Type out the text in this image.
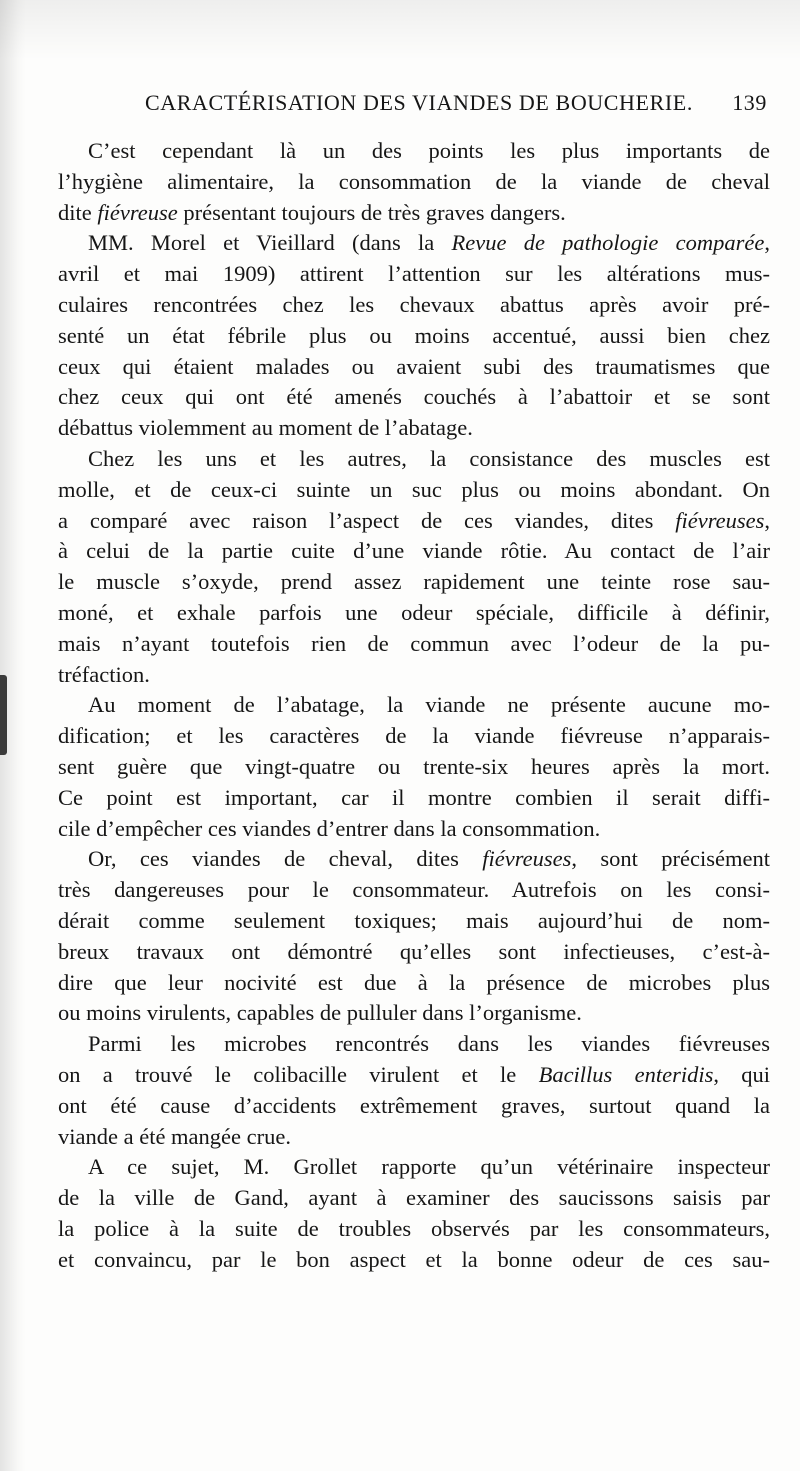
CARACTÉRISATION DES VIANDES DE BOUCHERIE. 139
C’est cependant là un des points les plus importants de
l’hygiène alimentaire, la consommation de la viande de cheval
dite fiévreuse présentant toujours de très graves dangers.
MM. Morel et Vieillard (dans la Revue de pathologie comparée,
avril et mai 1909) attirent l’attention sur les altérations mus-
culaires rencontrées chez les chevaux abattus après avoir pré-
senté un état fébrile plus ou moins accentué, aussi bien chez
ceux qui étaient malades ou avaient subi des traumatismes que
chez ceux qui ont été amenés couchés à l’abattoir et se sont
débattus violemment au moment de l’abatage.
Chez les uns et les autres, la consistance des muscles est
molle, et de ceux-ci suinte un suc plus ou moins abondant. On
a comparé avec raison l’aspect de ces viandes, dites fiévreuses,
à celui de la partie cuite d’une viande rôtie. Au contact de l’air
le muscle s’oxyde, prend assez rapidement une teinte rose sau-
moné, et exhale parfois une odeur spéciale, difficile à définir,
mais n’ayant toutefois rien de commun avec l’odeur de la pu-
tréfaction.
Au moment de l’abatage, la viande ne présente aucune mo-
dification; et les caractères de la viande fiévreuse n’apparais-
sent guère que vingt-quatre ou trente-six heures après la mort.
Ce point est important, car il montre combien il serait diffi-
cile d’empêcher ces viandes d’entrer dans la consommation.
Or, ces viandes de cheval, dites fiévreuses, sont précisément
très dangereuses pour le consommateur. Autrefois on les consi-
dérait comme seulement toxiques; mais aujourd’hui de nom-
breux travaux ont démontré qu’elles sont infectieuses, c’est-à-
dire que leur nocivité est due à la présence de microbes plus
ou moins virulents, capables de pulluler dans l’organisme.
Parmi les microbes rencontrés dans les viandes fiévreuses
on a trouvé le colibacille virulent et le Bacillus enteridis, qui
ont été cause d’accidents extrêmement graves, surtout quand la
viande a été mangée crue.
A ce sujet, M. Grollet rapporte qu’un vétérinaire inspecteur
de la ville de Gand, ayant à examiner des saucissons saisis par
la police à la suite de troubles observés par les consommateurs,
et convaincu, par le bon aspect et la bonne odeur de ces sau-
